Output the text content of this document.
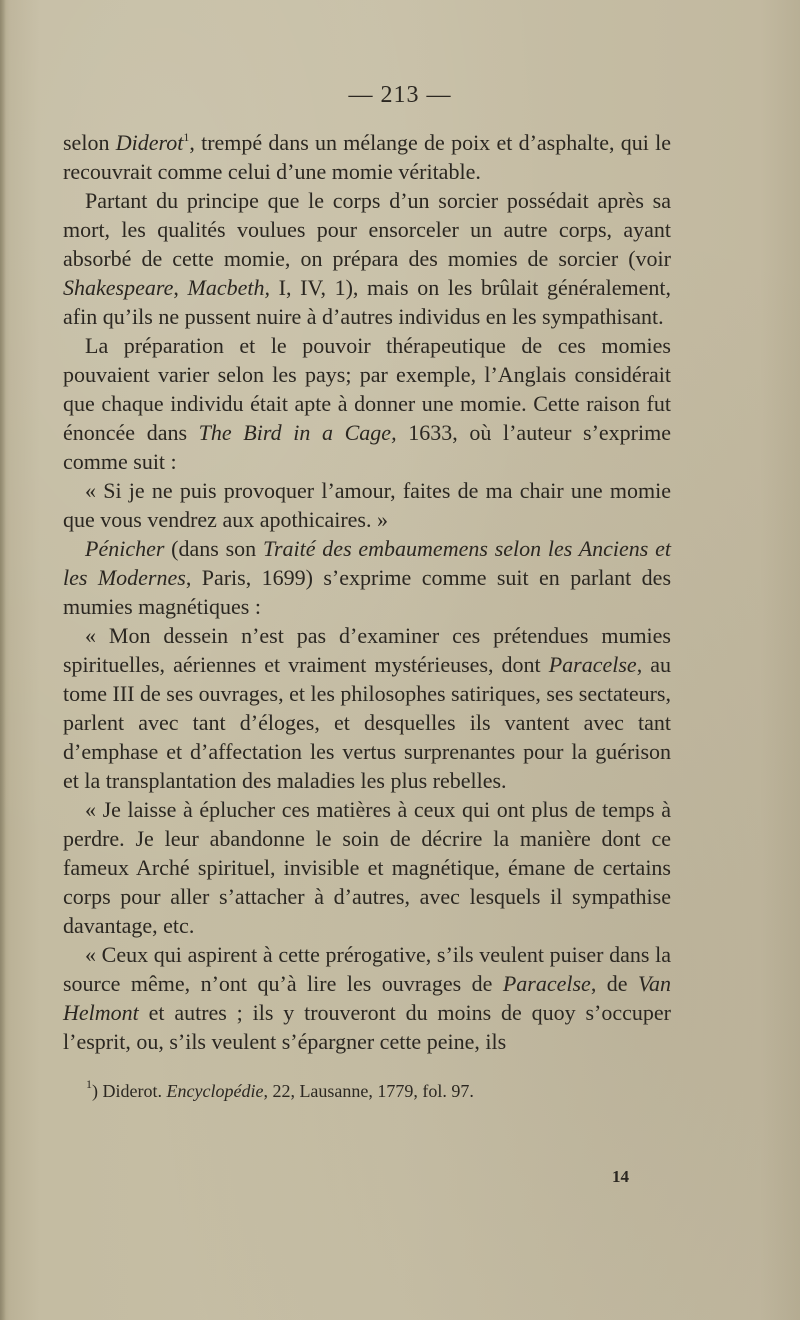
— 213 —

selon Diderot$^1$, trempé dans un mélange de poix et d’asphalte, qui le recouvrait comme celui d’une momie véritable.

Partant du principe que le corps d’un sorcier possédait après sa mort, les qualités voulues pour ensorceler un autre corps, ayant absorbé de cette momie, on prépara des momies de sorcier (voir Shakespeare, Macbeth, I, IV, 1), mais on les brûlait généralement, afin qu’ils ne pussent nuire à d’autres individus en les sympathisant.

La préparation et le pouvoir thérapeutique de ces momies pouvaient varier selon les pays; par exemple, l’Anglais considérait que chaque individu était apte à donner une momie. Cette raison fut énoncée dans The Bird in a Cage, 1633, où l’auteur s’exprime comme suit :

« Si je ne puis provoquer l’amour, faites de ma chair une momie que vous vendrez aux apothicaires. »

Pénicher (dans son Traité des embaumemens selon les Anciens et les Modernes, Paris, 1699) s’exprime comme suit en parlant des mumies magnétiques :

« Mon dessein n’est pas d’examiner ces prétendues mumies spirituelles, aériennes et vraiment mystérieuses, dont Paracelse, au tome III de ses ouvrages, et les philosophes satiriques, ses sectateurs, parlent avec tant d’éloges, et desquelles ils vantent avec tant d’emphase et d’affectation les vertus surprenantes pour la guérison et la transplantation des maladies les plus rebelles.

« Je laisse à éplucher ces matières à ceux qui ont plus de temps à perdre. Je leur abandonne le soin de décrire la manière dont ce fameux Arché spirituel, invisible et magnétique, émane de certains corps pour aller s’attacher à d’autres, avec lesquels il sympathise davantage, etc.

« Ceux qui aspirent à cette prérogative, s’ils veulent puiser dans la source même, n’ont qu’à lire les ouvrages de Paracelse, de Van Helmont et autres ; ils y trouveront du moins de quoy s’occuper l’esprit, ou, s’ils veulent s’épargner cette peine, ils

$^1$) Diderot. Encyclopédie, 22, Lausanne, 1779, fol. 97.
14
